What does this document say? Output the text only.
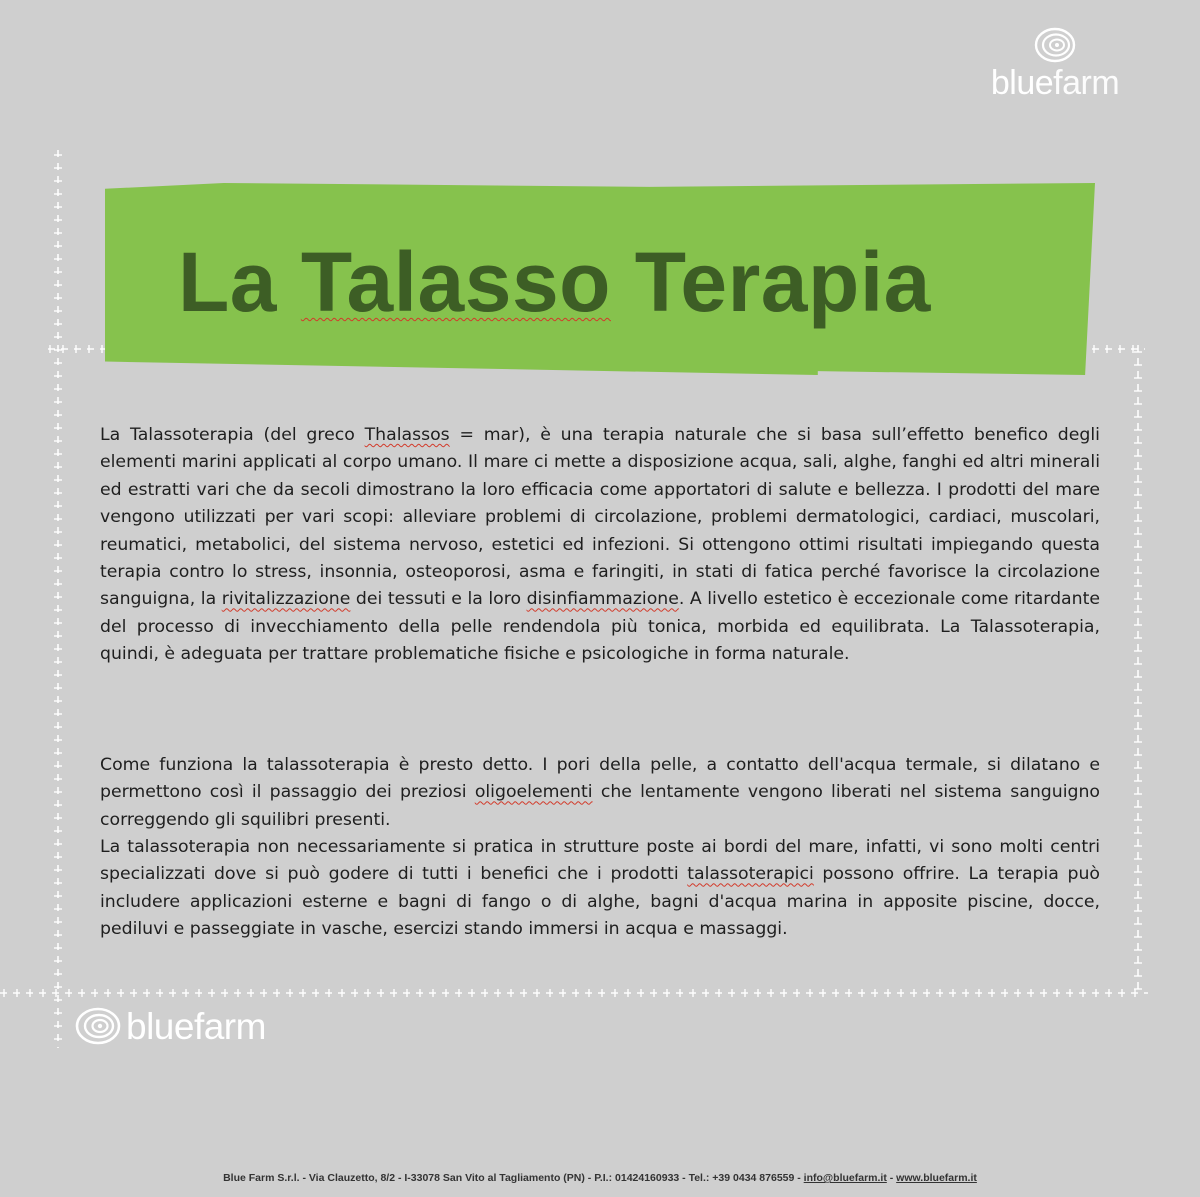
bluefarm
La Talasso Terapia

La Talassoterapia (del greco Thalassos = mar), è una terapia naturale che si basa sull’effetto benefico degli elementi marini applicati al corpo umano. Il mare ci mette a disposizione acqua, sali, alghe, fanghi ed altri minerali ed estratti vari che da secoli dimostrano la loro efficacia come apportatori di salute e bellezza. I prodotti del mare vengono utilizzati per vari scopi: alleviare problemi di circolazione, problemi dermatologici, cardiaci, muscolari, reumatici, metabolici, del sistema nervoso, estetici ed infezioni. Si ottengono ottimi risultati impiegando questa terapia contro lo stress, insonnia, osteoporosi, asma e faringiti, in stati di fatica perché favorisce la circolazione sanguigna, la rivitalizzazione dei tessuti e la loro disinfiammazione. A livello estetico è eccezionale come ritardante del processo di invecchiamento della pelle rendendola più tonica, morbida ed equilibrata. La Talassoterapia, quindi, è adeguata per trattare problematiche fisiche e psicologiche in forma naturale.

Come funziona la talassoterapia è presto detto. I pori della pelle, a contatto dell'acqua termale, si dilatano e permettono così il passaggio dei preziosi oligoelementi che lentamente vengono liberati nel sistema sanguigno correggendo gli squilibri presenti.

La talassoterapia non necessariamente si pratica in strutture poste ai bordi del mare, infatti, vi sono molti centri specializzati dove si può godere di tutti i benefici che i prodotti talassoterapici possono offrire. La terapia può includere applicazioni esterne e bagni di fango o di alghe, bagni d'acqua marina in apposite piscine, docce, pediluvi e passeggiate in vasche, esercizi stando immersi in acqua e massaggi.

bluefarm
Blue Farm S.r.l. - Via Clauzetto, 8/2 - I-33078 San Vito al Tagliamento (PN) - P.I.: 01424160933 - Tel.: +39 0434 876559 - info@bluefarm.it - www.bluefarm.it
